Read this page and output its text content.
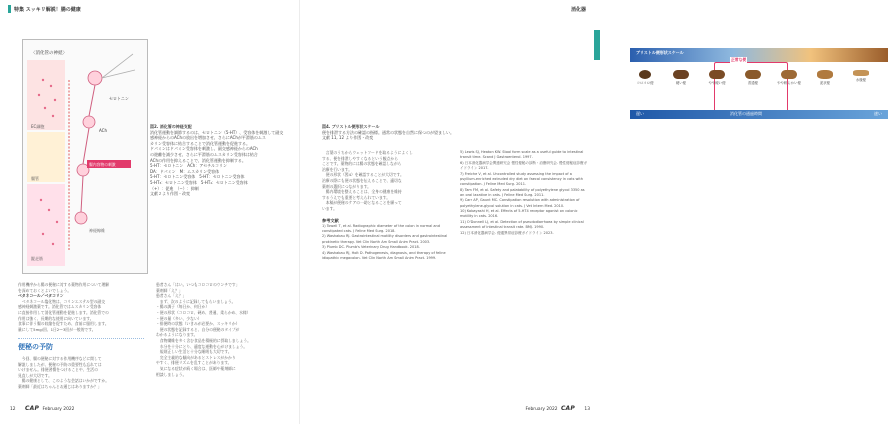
特集 スッキリ解説！腸の健康
〈消化管の神経〉
セロトニン
ACh
腸内容物の刺激
EC細胞
腸管
神経線維
縦走筋
図2. 消化管の神経支配
消化管運動を調節するのは、セロトニン（5-HT）、受容体を刺激して副交
感神経からのAChの放出を増加させ、さらにAChが平滑筋のムス
カリン受容体に結合することで消化管運動を促進する。
ドパミンはドパミン受容体を刺激し、副交感神経からのACh
の遊離を減少させ、さらに平滑筋のムスカリン受容体は結合
AChの作用を抑えることで、消化管運動を抑制する。
5-HT：セロトニン　ACh：アセチルコリン
DA：ドパミン　M：ムスカリン受容体
5-HT：セロトニン受容体　5-HT：セロトニン受容体
5-HT₃：セロトニン受容体　5-HT₄：セロトニン受容体
（+）：促進　（−）：抑制
文献２より作図・改変
作用機序から腸の便秘に対する薬物作用について理解
を深めておくとよいでしょう。
ベタネコール／ベタコリン
　ベタネコール塩化物は、コリンエステル型の副交
感神経刺激薬です。消化管ではムスカリン受容体
に直接作用して消化管運動を促進します。消化管での
作用は強く、長期的な使用に向いています。
食事に伴う腸の収縮を促すため、食前に服用します。
量にして5mg/回、1日2〜3回が一般的です。
便秘の予防
　今回、腸の便秘に対する作用機序などに関して
解説しましたが、便秘の予防の重要性も忘れては
いけません。排便習慣をつけることや、生活の
見直しが大切です。
　腸の健康として、このような会話はいかがですか。
薬剤師「最近はちゃんとお通じはありますか？」
患者さん「はい。いつもコロコロのウンチです」
薬剤師「え？」
患者さん「え？」
　まず、次のように記録してもらいましょう。
・腸の調子（毎日か、何日か）
・便の形状（コロコロ、硬め、普通、柔らかめ、水様）
・便の量（多い、少ない）
・排便時の状態（いきみが必要か、スッキリか）
　便の状態を記録すると、自分の便秘のタイプが
わかるようになります。
　食物繊維を多く含む食品を積極的に摂取しましょう。
　水分を十分にとり、適度な運動を心がけましょう。
　規則正しい生活と十分な睡眠も大切です。
　完全主義的な傾向があるとストレスがかかり
やすく、排便リズムを乱すことがあります。
　気になる症状が続く場合は、医師や薬剤師に
相談しましょう。
12 CAP February 2022
消化器
ブリストル便形状スケール
正常な便
コロコロ便	硬い便	やや硬い便	普通便	やや軟らかい便	泥状便
水様便
遅い	消化管の通過時間	速い
図4. ブリストル便形状スケール
便を排泄する方法の確認の指標。通常の状態を自然に保つのが望ましい。
文献 11, 12 より作図・改変
　言葉のうちからウェットフードを取るようによくし
する、便を排泄しやすくなるという観点から
ことです。薬物的には腸の状態を確認しながら
治療を行います。
　便の形状（図4）を確認することが大切です。
治療の際にも便の状態を伝えることで、適切な
薬剤の選択につながります。
　腸内環境を整えることは、全身の健康を維持
するうえでも重要と考えられています。
　本稿が便秘のケアの一助となることを願って
います。
参考文献
1) Towell T, et al. Radiographic diameter of the colon in normal and constipated cats. J Feline Med Surg. 2018.
2) Washabau RJ. Gastrointestinal motility disorders and gastrointestinal prokinetic therapy. Vet Clin North Am Small Anim Pract. 2003.
3) Plumb DC. Plumb's Veterinary Drug Handbook. 2018.
4) Washabau RJ, Holt D. Pathogenesis, diagnosis, and therapy of feline idiopathic megacolon. Vet Clin North Am Small Anim Pract. 1999.
5) Lewis SJ, Heaton KW. Stool form scale as a useful guide to intestinal transit time. Scand J Gastroenterol. 1997.
6) 日本消化器病学会関連研究会 慢性便秘の診断・治療研究会. 慢性便秘症診療ガイドライン 2017.
7) Freiche V, et al. Uncontrolled study assessing the impact of a psyllium-enriched extruded dry diet on faecal consistency in cats with constipation. J Feline Med Surg. 2011.
8) Tam FM, et al. Safety and palatability of polyethylene glycol 3350 as an oral laxative in cats. J Feline Med Surg. 2011.
9) Carr AP, Gaunt MC. Constipation resolution with administration of polyethylene-glycol solution in cats. J Vet Intern Med. 2010.
10) Kobayashi H, et al. Effects of 5-HT4 receptor agonist on colonic motility in cats. 2016.
11) O'Donnell LJ, et al. Detection of pseudodiarrhoea by simple clinical assessment of intestinal transit rate. BMJ. 1990.
12) 日本消化器病学会. 便通異常症診療ガイドライン 2023.
February 2022 CAP 13
